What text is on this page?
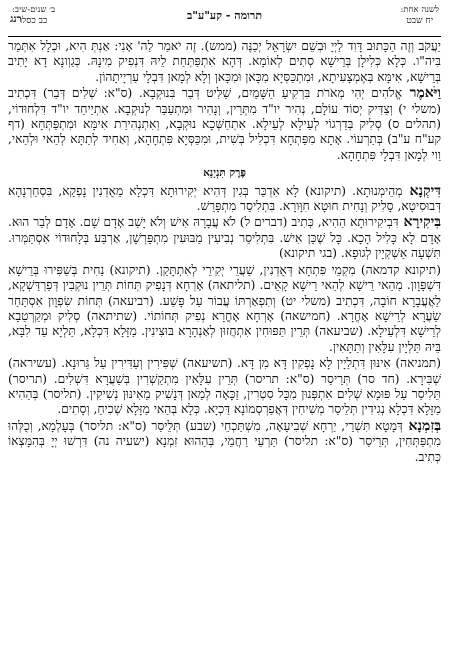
לשנה אחת:
יח שבט
תרומה - קע"ע"ב
ב׳ שנים-שיב:
כב כסלו
רנג

יַעֲקֹב וְזֶה הַכָּתוּב דָּוִד לַיְיָ וּבְשֵׁם יִשְׂרָאֵל יְכַנֶּה (ממש). זֶה יֹאמַר לַה' אָנִי: אַנְתְּ הִיא, וּכְלָל אִתְּמַר בִּיה"ו. כְּלָא כְּלִילָן בְּרֵישָׁא סְתִים לְאוֹמָא. דְּהָא אִתְפַּתְּחַת לֵיהּ דִּנְפִיק מִינָהּ. כְּגַוְונָא דָא יָתִיב בְּרֵישָׁא, אִימָּא בְּאֶמְצָעִיתָא, וּמִתְכַּסְּיָא מִכָּאן וּמִכָּאן וְלָא לְמָאן דִּבְלָי עַרְיָיתָהוֹן.

וַיֹּאמֶר אֱלֹהִים יְהִי מְאֹרֹת בִּרְקִיעַ הַשָּׁמַיִם, שַׁלִּיט דְּבַר בִּנוּקְבָא. (ס"א: שְׁלִים דְּבַר) דִּכְתִיב (משלי י) וְצַדִּיק יְסוֹד עוֹלָם, נְהִיר יו"ד מִתְּרֵין, וְנָהִיר וּמִתְעַבַּר לְנוּקְבָא. אִתְיַיחַד יו"ד דִּלְחוּדוֹי, (תהלים ס) סְלִיק בְּדַרְגוֹי לְעֵילָא לְעֵילָא. אִתְחַשְּׁכָא נוּקְבָא, וְאִתְנְהִירַת אִימָּא וּמִתְפַּתְּחָא (דף קע"ח ע"ב) בְּתַרְעוֹי. אָתָא מִפַּתְחָא דִּכְלִיל בְּשִׁית, וּמִכַּסְּיָא פִּתְחָהָא, וְאַחִיד לְתַתָּא לְהַאי וּלְהַאי, וַוי לְמָאן דִּבְלָי פִּתְחָהָא.

פֶּרֶק תִּנְיָנָא

דִּיקְנָא מְהֵימְנוּתָא. (תיקונא) לָא אִדְכַּר בְּגִין דְּהִיא יְקִירוּתָא דִּכְלָא מֵאֻדְנִין נָפְקָא, בִּסְחַרְנָהָא דְּבוּסִיטָא, סָלִיק וְנָחִית חוּטָא חִוָּורָא. בִּתְלִיסַר מִתְפָּרֵשׁ.

בִּיקִירָא דִּבְיקִירוּתָא הַהִיא, כְּתִיב (דברים ל) לֹא עֲבָרָהּ אִישׁ וְלֹא יָשַׁב אָדָם שָׁם. אָדָם לְבַר הוּא. אָדָם לָא כָּלִיל הָכָא. כָּל שֶׁכֵּן אִישׁ. בִּתְלִיסַר נְבִיעִין מַבּוּעִין מִתְפָּרְשָׁן, אַרְבַּע בְּלָחוּדוֹי אִסְתַּמְּרוּ. תִּשְׁעָה אַשְׁקְיָין לְגוּפָא. (בגי תיקונא)

(תיקונא קדמאה) מִקְמֵי פִּתְחָא דְּאֻדְנִין, שַׁעֲרֵי יְקִירֵי לְאִתְתָּקַן. (תיקונא) נַחִית בְּשַׁפִּירוּ בְּרֵישָׁא דִּשְׁפָּוָון. מַהֵאי רֵישָׁא לְהַאי רֵישָׁא קָאֵים. (תליתאה) אָרְחָא דְּנָפִיק תְּחוֹת תְּרֵין נוּקְבִין דְּפַרְדַּשְׁקָא, לַאֲעֲבָרָא חוֹבָה, דִּכְתִיב (משלי יט) וְתִפְאַרְתּוֹ עֲבוֹר עַל פָּשַׁע. (רביעאה) תְּחוֹת שִׂפְוָון אִסְתַּחַר שַׂעֲרָא לְרֵישָׁא אָחֳרָא. (חמישאה) אָרְחָא אָחֳרָא נְפִיק תְּחוֹתוֹי. (שתיתאה) סְלִיק וּמְקַרְטַבָא לְרֵישָׁא דִּלְעֵילָא. (שביעאה) תְּרֵין תַּפּוּחִין אִתְחֲזוּן לְאַנְהָרָא בּוּצִינִין. מַזָּלָא דִּכְלָא, תַּלְיָא עַד לִבָּא, בֵּיהּ תַּלְיָין עִלָּאִין וְתַתָּאִין.

(תמניאה) אִינּוּן דִּתְלַיָין לָא נָפְקִין דָּא מִן דָּא. (תשיעאה) שְׁפִּירִין וְעַדִּירִין עַל גַּרוּנָא. (עשיראה) שְׁבִּירָא. (חד סר) תְּרֵיסַר (ס"א: תריסר) תְּרֵין עִלָּאִין מִתְקַשְׁרִין בְּשַׁעֲרָא דִּשְׁלִים. (תריסר) תֵּלִיסַר עַל פּוּמָא שְׁלִים אִתְפְּנוּן מִכָּל סִטְרִין, זַכָּאָה לְמַאן דְּנָשִׁיק מֵאִינּוּן נְשִׁיקִין. (תליסר) בְּהַהִיא מַזָּלָא דִּכְלָא נְגִידִין תְּלֵיסַר מְשִׁיחִין דְּאֲפַרְסְמוֹנָא דַּכְיָא. כְּלָא בְּהַאי מַזָּלָא שְׁכִיחַ, וְסָתִים.

בְּזִמְנָא דְּמָטָא תִּשְׁרֵי, יַרְחָא שְׁבִיעָאָה, מִשְׁתַּכְחֵי (שבע) תְּלֵיסַר (ס"א: תליסר) בְּעָלְמָא, וְכֻלְּהוּ מִתְפַּתְּחִין, תְּרֵיסַר (ס"א: תליסר) תַּרְעֵי רַחֲמֵי, בְּהַהוּא זִמְנָא (ישעיה נה) דִּרְשׁוּ יְיָ בְּהִמָּצְאוֹ כְּתִיב.
